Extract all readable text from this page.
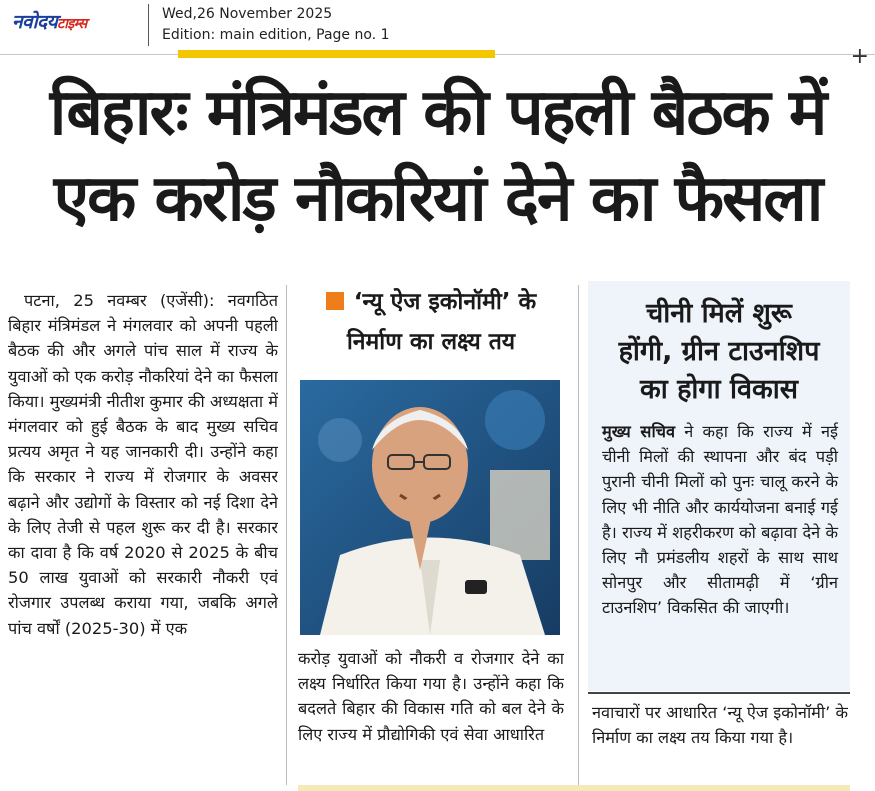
नवोदयटाइम्स
Wed,26 November 2025
Edition: main edition, Page no. 1
+
बिहारः मंत्रिमंडल की पहली बैठक में
एक करोड़ नौकरियां देने का फैसला

पटना, 25 नवम्बर (एजेंसी): नवगठित बिहार मंत्रिमंडल ने मंगलवार को अपनी पहली बैठक की और अगले पांच साल में राज्य के युवाओं को एक करोड़ नौकरियां देने का फैसला किया। मुख्यमंत्री नीतीश कुमार की अध्यक्षता में मंगलवार को हुई बैठक के बाद मुख्य सचिव प्रत्यय अमृत ने यह जानकारी दी। उन्होंने कहा कि सरकार ने राज्य में रोजगार के अवसर बढ़ाने और उद्योगों के विस्तार को नई दिशा देने के लिए तेजी से पहल शुरू कर दी है। सरकार का दावा है कि वर्ष 2020 से 2025 के बीच 50 लाख युवाओं को सरकारी नौकरी एवं रोजगार उपलब्ध कराया गया, जबकि अगले पांच वर्षों (2025-30) में एक

‘न्यू ऐज इकोनॉमी’ के
निर्माण का लक्ष्य तय

करोड़ युवाओं को नौकरी व रोजगार देने का लक्ष्य निर्धारित किया गया है। उन्होंने कहा कि बदलते बिहार की विकास गति को बल देने के लिए राज्य में प्रौद्योगिकी एवं सेवा आधारित

चीनी मिलें शुरू
होंगी, ग्रीन टाउनशिप
का होगा विकास

मुख्य सचिव ने कहा कि राज्य में नई चीनी मिलों की स्थापना और बंद पड़ी पुरानी चीनी मिलों को पुनः चालू करने के लिए भी नीति और कार्ययोजना बनाई गई है। राज्य में शहरीकरण को बढ़ावा देने के लिए नौ प्रमंडलीय शहरों के साथ साथ सोनपुर और सीतामढ़ी में ‘ग्रीन टाउनशिप’ विकसित की जाएगी।

नवाचारों पर आधारित ‘न्यू ऐज इकोनॉमी’ के निर्माण का लक्ष्य तय किया गया है।
